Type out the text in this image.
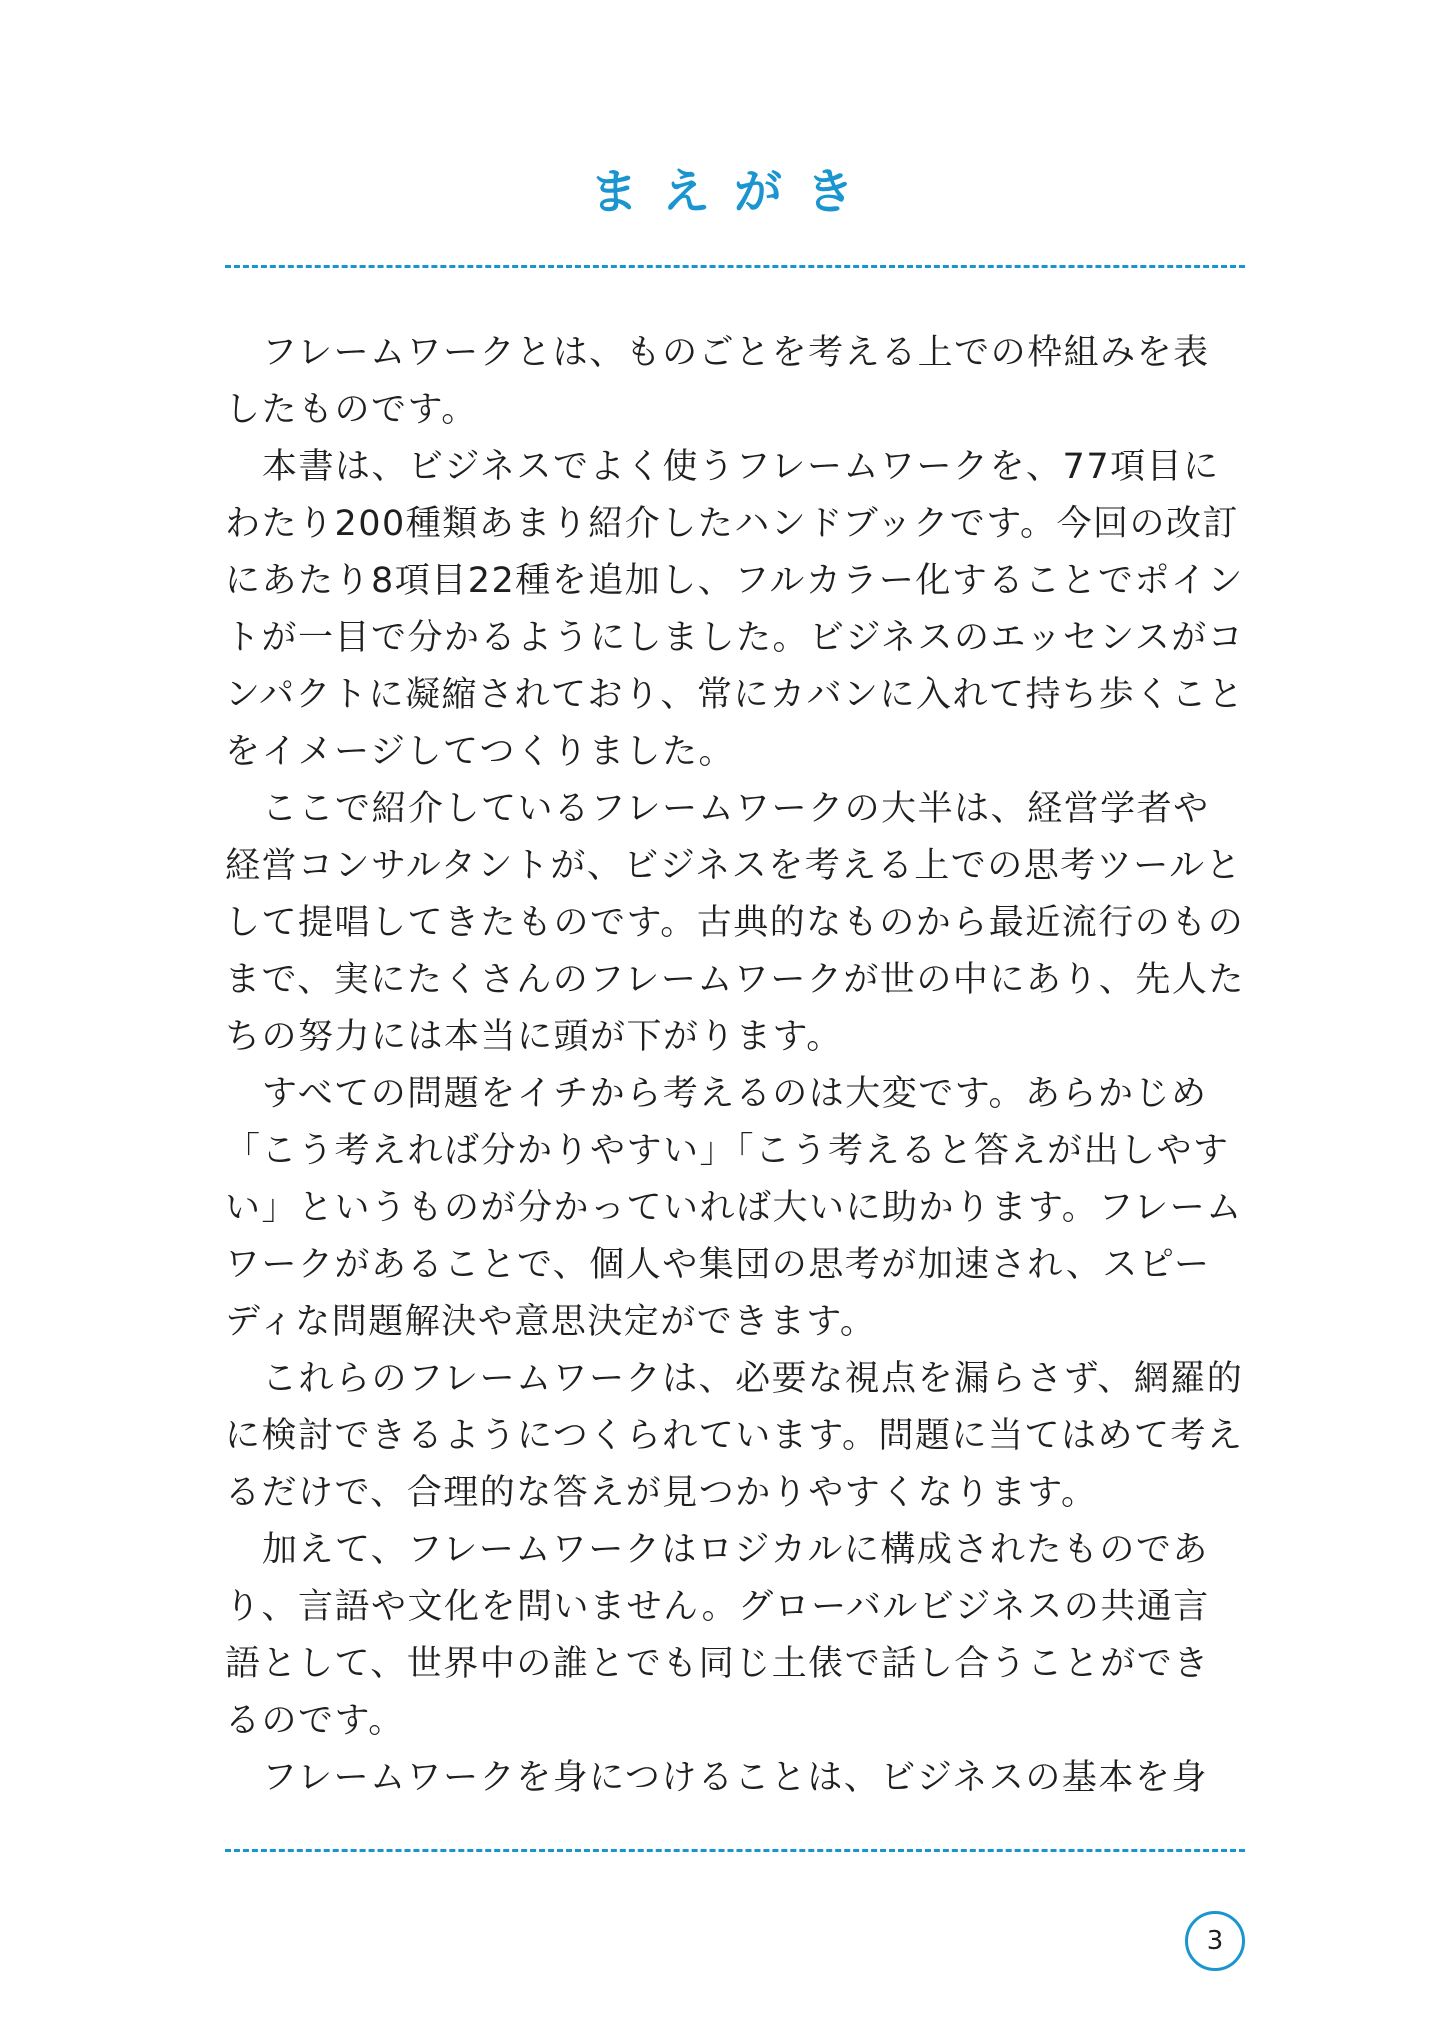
まえがき

フレームワークとは、ものごとを考える上での枠組みを表したものです。

本書は、ビジネスでよく使うフレームワークを、77項目にわたり200種類あまり紹介したハンドブックです。今回の改訂にあたり8項目22種を追加し、フルカラー化することでポイントが一目で分かるようにしました。ビジネスのエッセンスがコンパクトに凝縮されており、常にカバンに入れて持ち歩くことをイメージしてつくりました。

ここで紹介しているフレームワークの大半は、経営学者や経営コンサルタントが、ビジネスを考える上での思考ツールとして提唱してきたものです。古典的なものから最近流行のものまで、実にたくさんのフレームワークが世の中にあり、先人たちの努力には本当に頭が下がります。

すべての問題をイチから考えるのは大変です。あらかじめ「こう考えれば分かりやすい」「こう考えると答えが出しやすい」というものが分かっていれば大いに助かります。フレームワークがあることで、個人や集団の思考が加速され、スピーディな問題解決や意思決定ができます。

これらのフレームワークは、必要な視点を漏らさず、網羅的に検討できるようにつくられています。問題に当てはめて考えるだけで、合理的な答えが見つかりやすくなります。

加えて、フレームワークはロジカルに構成されたものであり、言語や文化を問いません。グローバルビジネスの共通言語として、世界中の誰とでも同じ土俵で話し合うことができるのです。

フレームワークを身につけることは、ビジネスの基本を身

3
